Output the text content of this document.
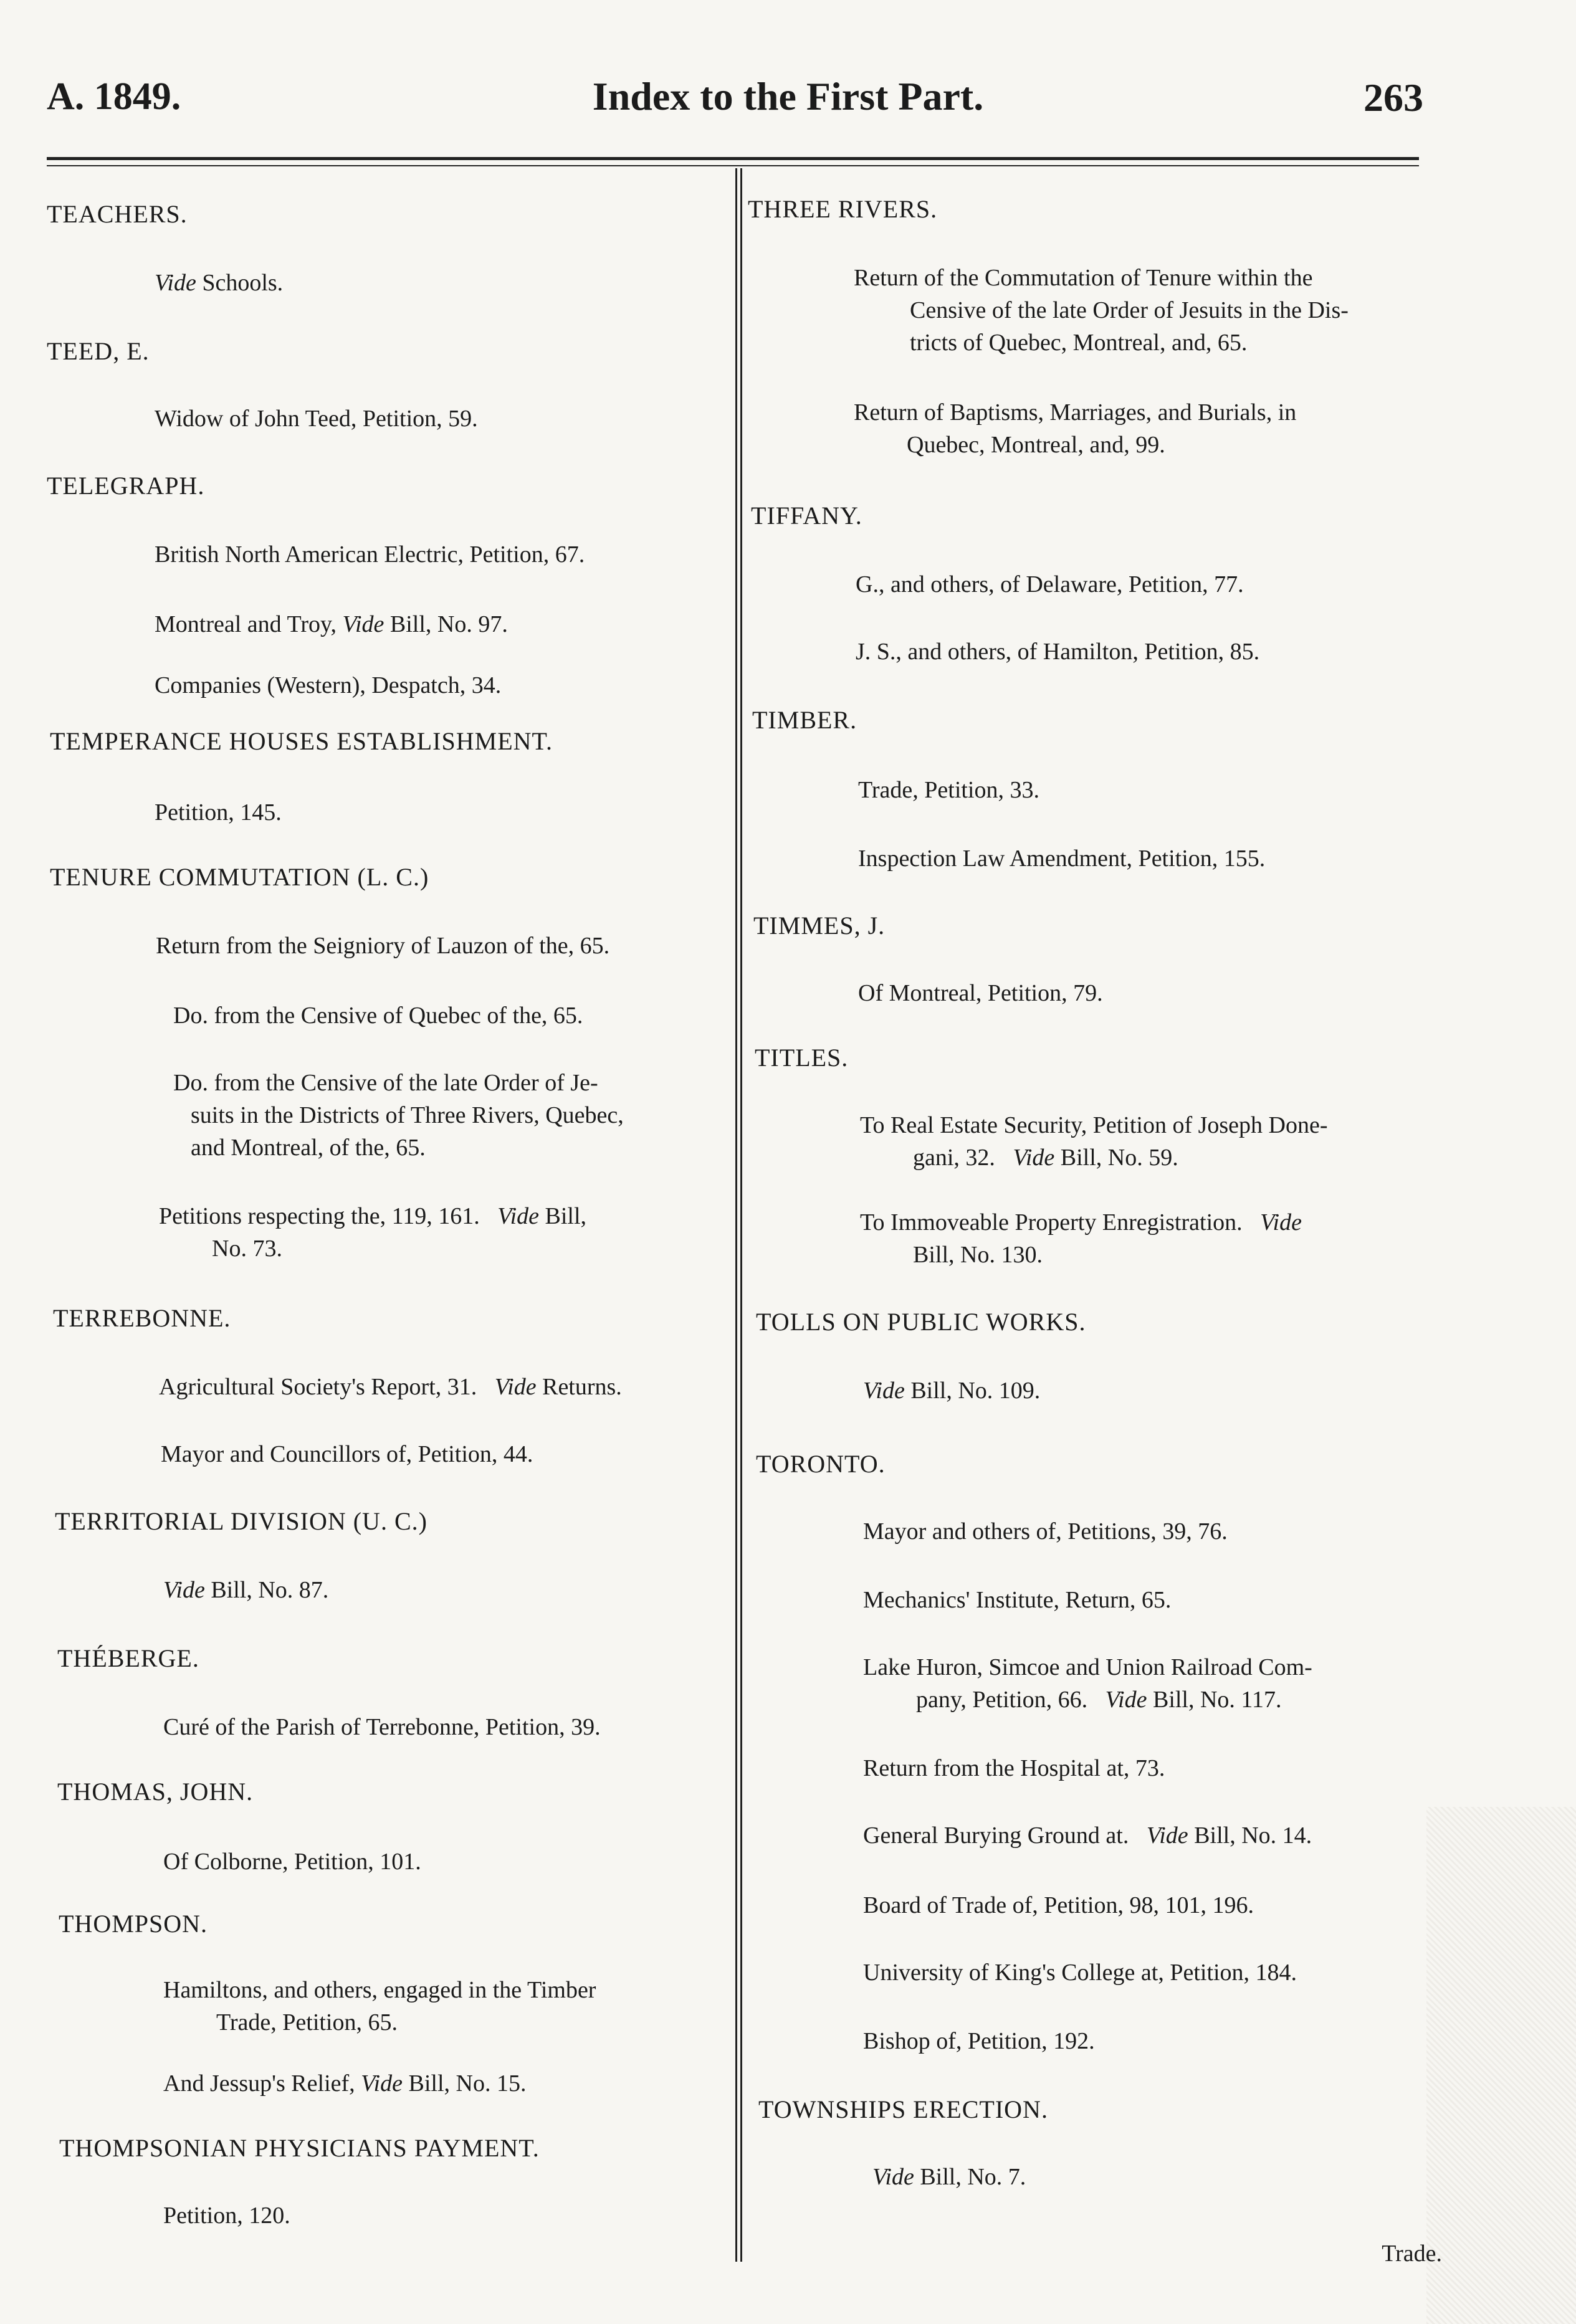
A. 1849.	Index to the First Part.	263
TEACHERS.
Vide Schools.
TEED, E.
Widow of John Teed, Petition, 59.
TELEGRAPH.
British North American Electric, Petition, 67.
Montreal and Troy, Vide Bill, No. 97.
Companies (Western), Despatch, 34.
TEMPERANCE HOUSES ESTABLISHMENT.
Petition, 145.
TENURE COMMUTATION (L. C.)
Return from the Seigniory of Lauzon of the, 65.
Do. from the Censive of Quebec of the, 65.
Do. from the Censive of the late Order of Je-
suits in the Districts of Three Rivers, Quebec,
and Montreal, of the, 65.
Petitions respecting the, 119, 161.   Vide Bill,
No. 73.
TERREBONNE.
Agricultural Society's Report, 31.   Vide Returns.
Mayor and Councillors of, Petition, 44.
TERRITORIAL DIVISION (U. C.)
Vide Bill, No. 87.
THÉBERGE.
Curé of the Parish of Terrebonne, Petition, 39.
THOMAS, JOHN.
Of Colborne, Petition, 101.
THOMPSON.
Hamiltons, and others, engaged in the Timber
Trade, Petition, 65.
And Jessup's Relief, Vide Bill, No. 15.
THOMPSONIAN PHYSICIANS PAYMENT.
Petition, 120.
THREE RIVERS.
Return of the Commutation of Tenure within the
Censive of the late Order of Jesuits in the Dis-
tricts of Quebec, Montreal, and, 65.
Return of Baptisms, Marriages, and Burials, in
Quebec, Montreal, and, 99.
TIFFANY.
G., and others, of Delaware, Petition, 77.
J. S., and others, of Hamilton, Petition, 85.
TIMBER.
Trade, Petition, 33.
Inspection Law Amendment, Petition, 155.
TIMMES, J.
Of Montreal, Petition, 79.
TITLES.
To Real Estate Security, Petition of Joseph Done-
gani, 32.   Vide Bill, No. 59.
To Immoveable Property Enregistration.   Vide
Bill, No. 130.
TOLLS ON PUBLIC WORKS.
Vide Bill, No. 109.
TORONTO.
Mayor and others of, Petitions, 39, 76.
Mechanics' Institute, Return, 65.
Lake Huron, Simcoe and Union Railroad Com-
pany, Petition, 66.   Vide Bill, No. 117.
Return from the Hospital at, 73.
General Burying Ground at.   Vide Bill, No. 14.
Board of Trade of, Petition, 98, 101, 196.
University of King's College at, Petition, 184.
Bishop of, Petition, 192.
TOWNSHIPS ERECTION.
Vide Bill, No. 7.
Trade.
